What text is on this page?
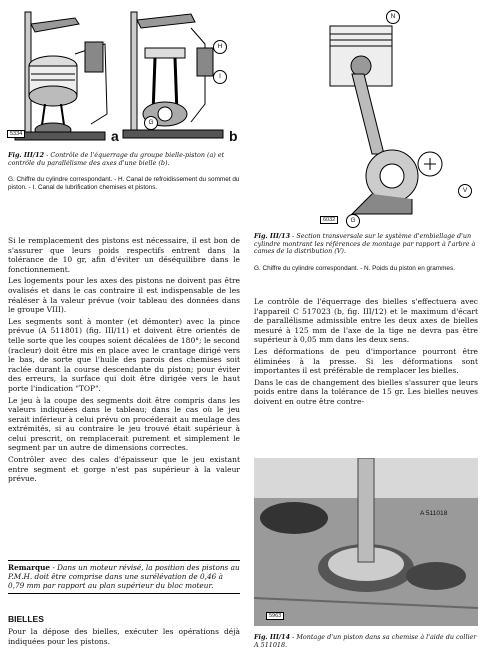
5334	a	b
H
I
G
Fig. III/12 - Contrôle de l'équerrage du groupe bielle-piston (a) et contrôle du parallélisme des axes d'une bielle (b).
G. Chiffre du cylindre correspondant. - H. Canal de refroidissement du sommet du piston. - I. Canal de lubrification chemises et pistons.

Si le remplacement des pistons est nécessaire, il est bon de s'assurer que leurs poids respectifs entrent dans la tolérance de 10 gr, afin d'éviter un déséquilibre dans le fonctionnement.

Les logements pour les axes des pistons ne doivent pas être ovalisés et dans le cas contraire il est indispensable de les réaléser à la valeur prévue (voir tableau des données dans le groupe VIII).

Les segments sont à monter (et démonter) avec la pince prévue (A 511801) (fig. III/11) et doivent être orientés de telle sorte que les coupes soient décalées de 180°; le second (racleur) doit être mis en place avec le crantage dirigé vers le bas, de sorte que l'huile des parois des chemises soit raclée durant la course descendante du piston; pour éviter des erreurs, la surface qui doit être dirigée vers le haut porte l'indication "TOP".

Le jeu à la coupe des segments doit être compris dans les valeurs indiquées dans le tableau; dans le cas où le jeu serait inférieur à celui prévu on procéderait au meulage des extrémités, si au contraire le jeu trouvé était supérieur à celui prescrit, on remplacerait purement et simplement le segment par un autre de dimensions correctes.

Contrôler avec des cales d'épaisseur que le jeu existant entre segment et gorge n'est pas supérieur à la valeur prévue.

Remarque - Dans un moteur révisé, la position des pistons au P.M.H. doit être comprise dans une surélévation de 0,46 à 0,79 mm par rapport au plan supérieur du bloc moteur.
BIELLES
Pour la dépose des bielles, exécuter les opérations déjà indiquées pour les pistons.
N
G
V
6032
Fig. III/13 - Section transversale sur le système d'embiellage d'un cylindre montrant les références de montage par rapport à l'arbre à cames de la distribution (V).
G. Chiffre du cylindre correspondant. - N. Poids du piston en grammes.

Le contrôle de l'équerrage des bielles s'effectuera avec l'appareil C 517023 (b, fig. III/12) et le maximum d'écart de parallélisme admissible entre les deux axes de bielles mesuré à 125 mm de l'axe de la tige ne devra pas être supérieur à 0,05 mm dans les deux sens.

Les déformations de peu d'importance pourront être éliminées à la presse. Si les déformations sont importantes il est préférable de remplacer les bielles.

Dans le cas de changement des bielles s'assurer que leurs poids entre dans la tolérance de 15 gr. Les bielles neuves doivent en outre être contre-

5963
A 511018
Fig. III/14 - Montage d'un piston dans sa chemise à l'aide du collier A 511018.
